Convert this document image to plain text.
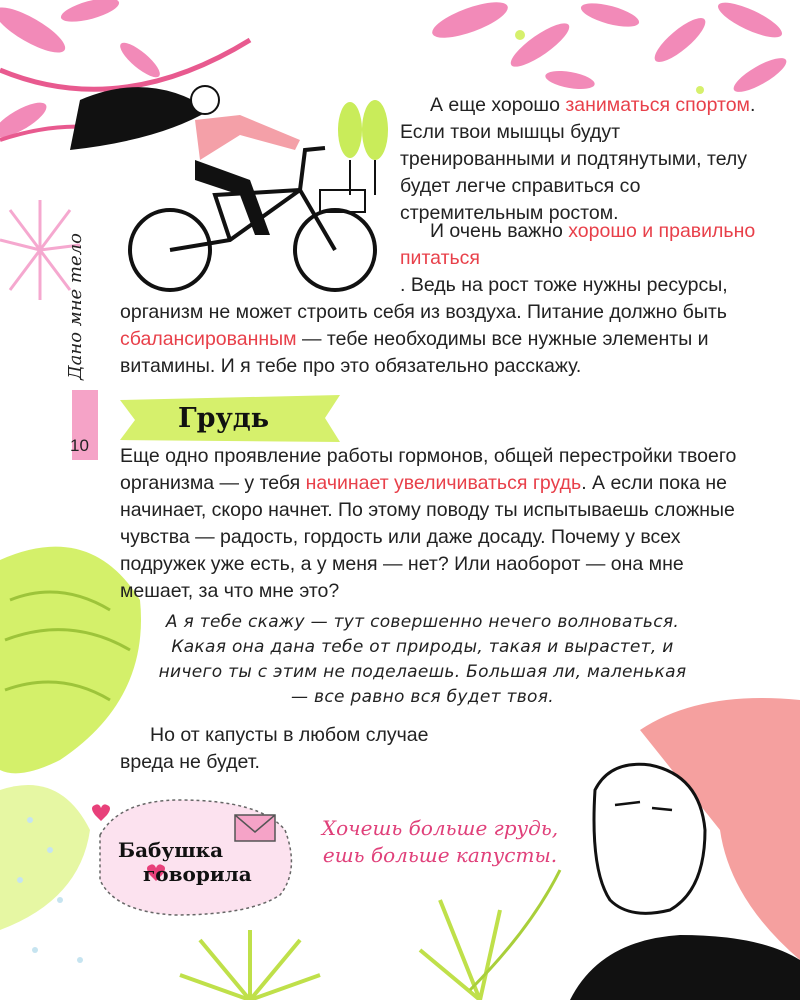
Дано мне тело
10
А еще хорошо заниматься спортом. Если твои мышцы будут тренированными и подтянутыми, телу будет легче справиться со стремительным ростом.
И очень важно хорошо и правильно питаться
. Ведь на рост тоже нужны ресурсы, организм не может строить себя из воздуха. Питание должно быть сбалансированным — тебе необходимы все нужные элементы и витамины. И я тебе про это обязательно расскажу.
Грудь
Еще одно проявление работы гормонов, общей перестройки твоего организма — у тебя начинает увеличиваться грудь. А если пока не начинает, скоро начнет. По этому поводу ты испытываешь сложные чувства — радость, гордость или даже досаду. Почему у всех подружек уже есть, а у меня — нет? Или наоборот — она мне мешает, за что мне это?
А я тебе скажу — тут совершенно нечего волноваться. Какая она дана тебе от природы, такая и вырастет, и ничего ты с этим не поделаешь. Большая ли, маленькая — все равно вся будет твоя.
Но от капусты в любом случае вреда не будет.
Бабушка
говорила
Хочешь больше грудь,
ешь больше капусты.
